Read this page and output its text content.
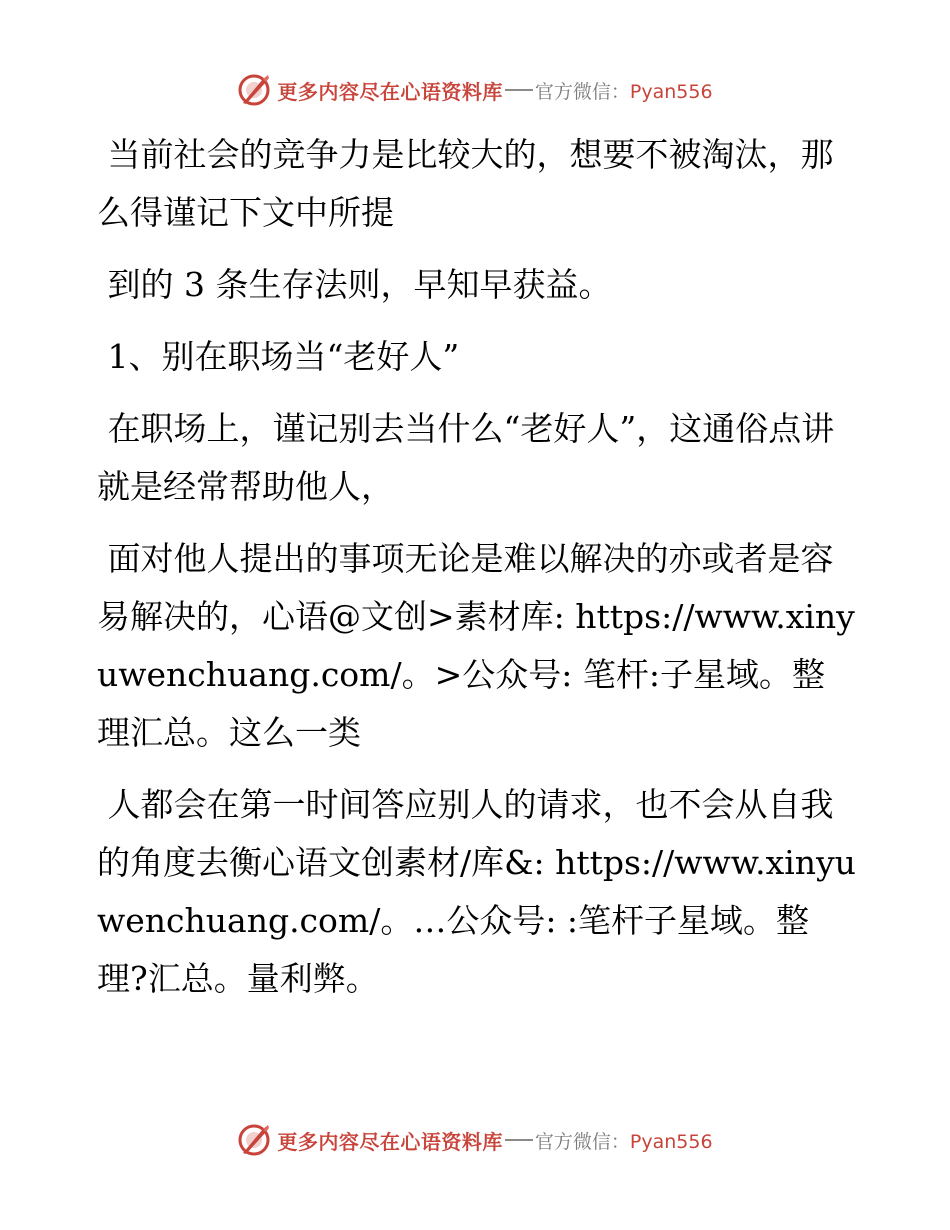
更多内容尽在心语资料库 官方微信：Pyan556

当前社会的竞争力是比较大的，想要不被淘汰，那么得谨记下文中所提

到的 3 条生存法则，早知早获益。

1、别在职场当“老好人”

在职场上，谨记别去当什么“老好人”，这通俗点讲就是经常帮助他人，

面对他人提出的事项无论是难以解决的亦或者是容易解决的，心语@文创>素材库: https://www.xinyuwenchuang.com/。>公众号: 笔杆:子星域。整理汇总。这么一类

人都会在第一时间答应别人的请求，也不会从自我的角度去衡心语文创素材/库&: https://www.xinyuwenchuang.com/。…公众号: :笔杆子星域。整理?汇总。量利弊。

更多内容尽在心语资料库 官方微信：Pyan556
